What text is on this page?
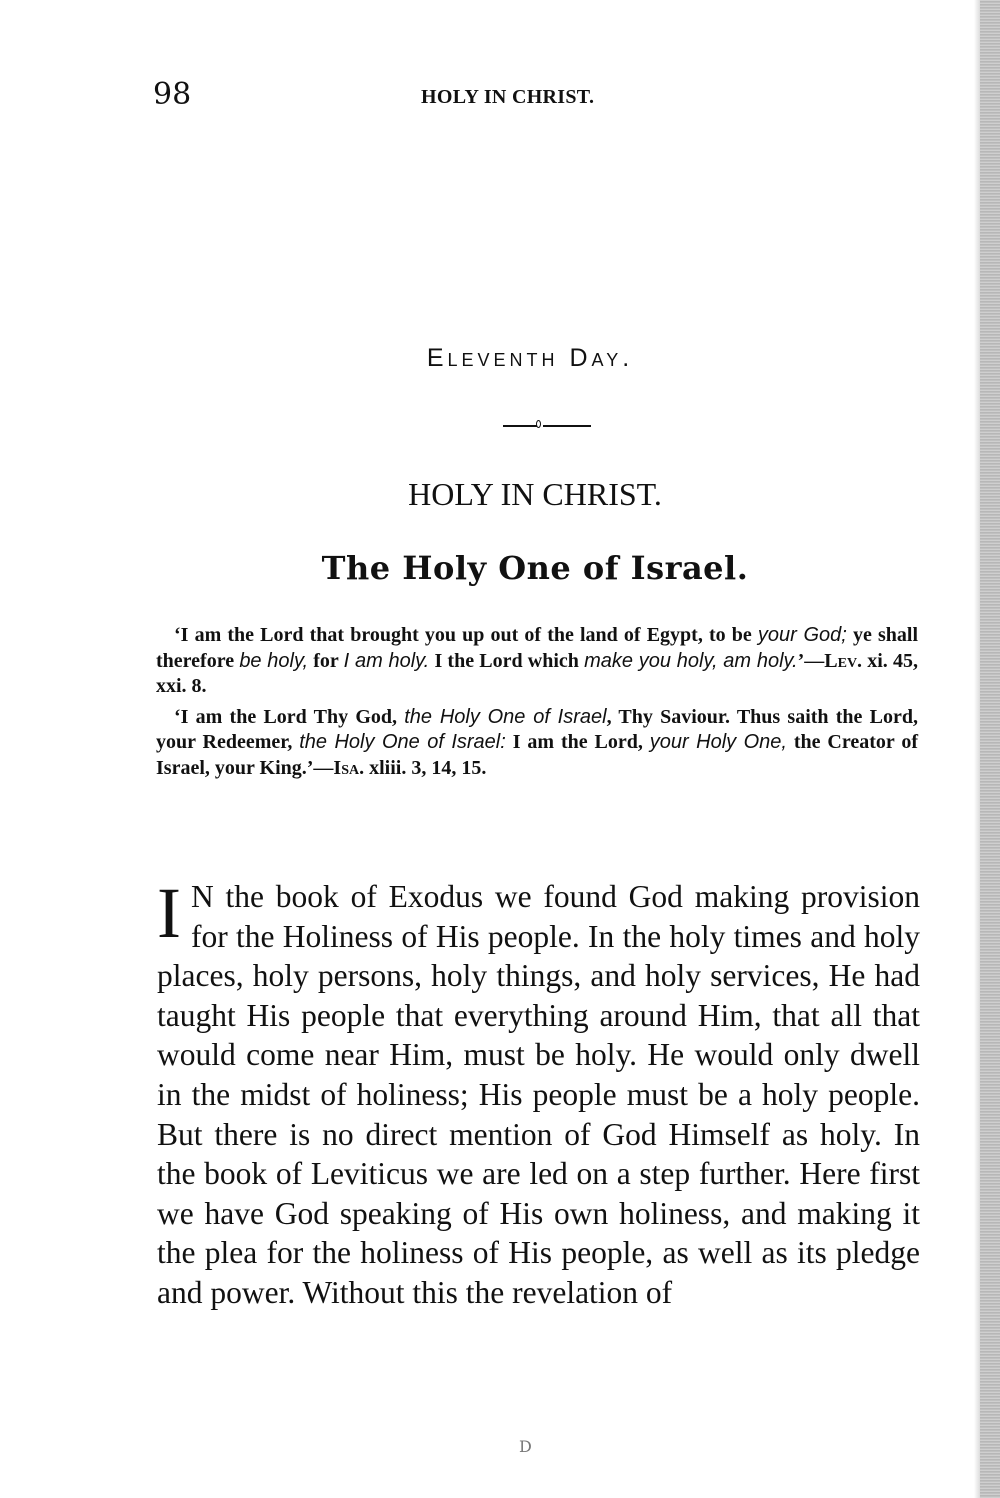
98	HOLY IN CHRIST.
Eleventh Day.
HOLY IN CHRIST.
The Holy One of Israel.

‘I am the Lord that brought you up out of the land of Egypt, to be your God; ye shall therefore be holy, for I am holy. I the Lord which make you holy, am holy.’—Lev. xi. 45, xxi. 8.

‘I am the Lord Thy God, the Holy One of Israel, Thy Saviour. Thus saith the Lord, your Redeemer, the Holy One of Israel: I am the Lord, your Holy One, the Creator of Israel, your King.’—Isa. xliii. 3, 14, 15.

I N the book of Exodus we found God making provision for the Holiness of His people. In the holy times and holy places, holy persons, holy things, and holy services, He had taught His people that everything around Him, that all that would come near Him, must be holy. He would only dwell in the midst of holiness; His people must be a holy people. But there is no direct mention of God Himself as holy. In the book of Leviticus we are led on a step further. Here first we have God speaking of His own holiness, and making it the plea for the holiness of His people, as well as its pledge and power. Without this the revelation of

D
